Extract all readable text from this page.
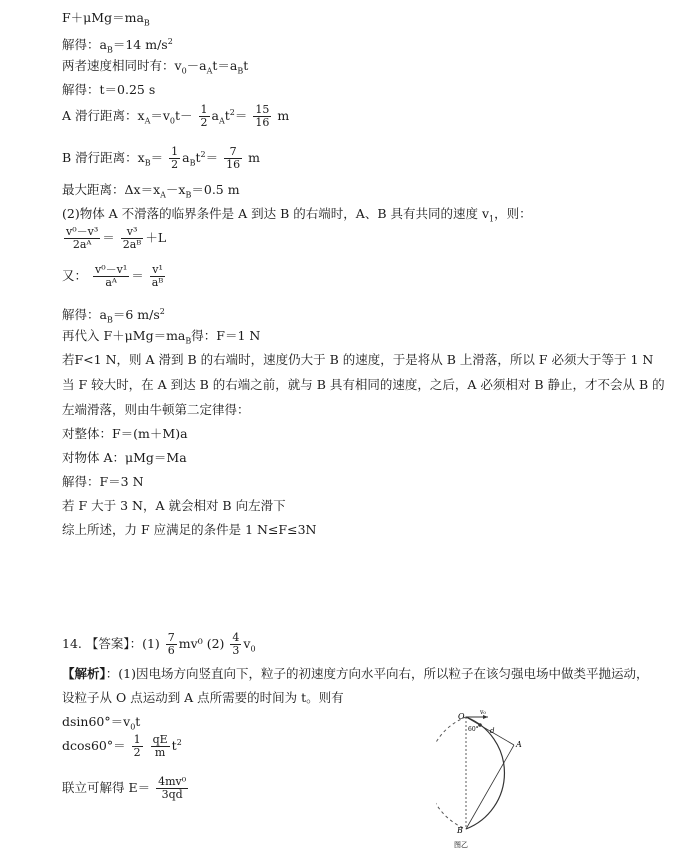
$F+\mu Mg=ma_B$
解得：$a_B=14$ $m/s^2$
两者速度相同时有：$v_0-a_At=a_Bt$
解得：t＝0.25 s
A 滑行距离：$x_A=v_0t- \frac{1}{2} a_At^2= \frac{15}{16}$ m
B 滑行距离：$x_B= \frac{1}{2} a_Bt^2= \frac{7}{16}$ m
最大距离：$\Delta x=x_A-x_B=0.5$ m
(2)物体 A 不滑落的临界条件是 A 到达 B 的右端时，A、B 具有共同的速度 $v_1$，则：
$\frac{\text{v⁰－v³}}{\text{2aᴬ}} = \frac{\text{v³}}{\text{2aᴮ}} +L$
又： $\frac{\text{v⁰－v¹}}{\text{aᴬ}} = \frac{\text{v¹}}{\text{aᴮ}}$
解得：$a_B=6$ $m/s^2$
再代入 $F+\mu Mg=ma_B$得：F＝1 N
若F<1 N，则 A 滑到 B 的右端时，速度仍大于 B 的速度，于是将从 B 上滑落，所以 F 必须大于等于 1 N
当 F 较大时，在 A 到达 B 的右端之前，就与 B 具有相同的速度，之后，A 必须相对 B 静止，才不会从 B 的
左端滑落，则由牛顿第二定律得：
对整体：F＝(m＋M)a
对物体 A：μMg＝Ma
解得：F＝3 N
若 F 大于 3 N，A 就会相对 B 向左滑下
综上所述，力 F 应满足的条件是 1 N≤F≤3N
14. 【答案】：$(1) \frac{7}{6} mv^0$ $(2) \frac{4}{3} v_0$
【解析】：(1)因电场方向竖直向下，粒子的初速度方向水平向右，所以粒子在该匀强电场中做类平抛运动，
设粒子从 O 点运动到 A 点所需要的时间为 t。则有
$dsin60^\circ=v_0t$
$dcos60^\circ= \frac{1}{2}$
$\frac{qE}{m} t^2$
联立可解得 $E= \frac{\text{4mv⁰}}{3qd}$
O	v₀
60° d
A
B
图乙
